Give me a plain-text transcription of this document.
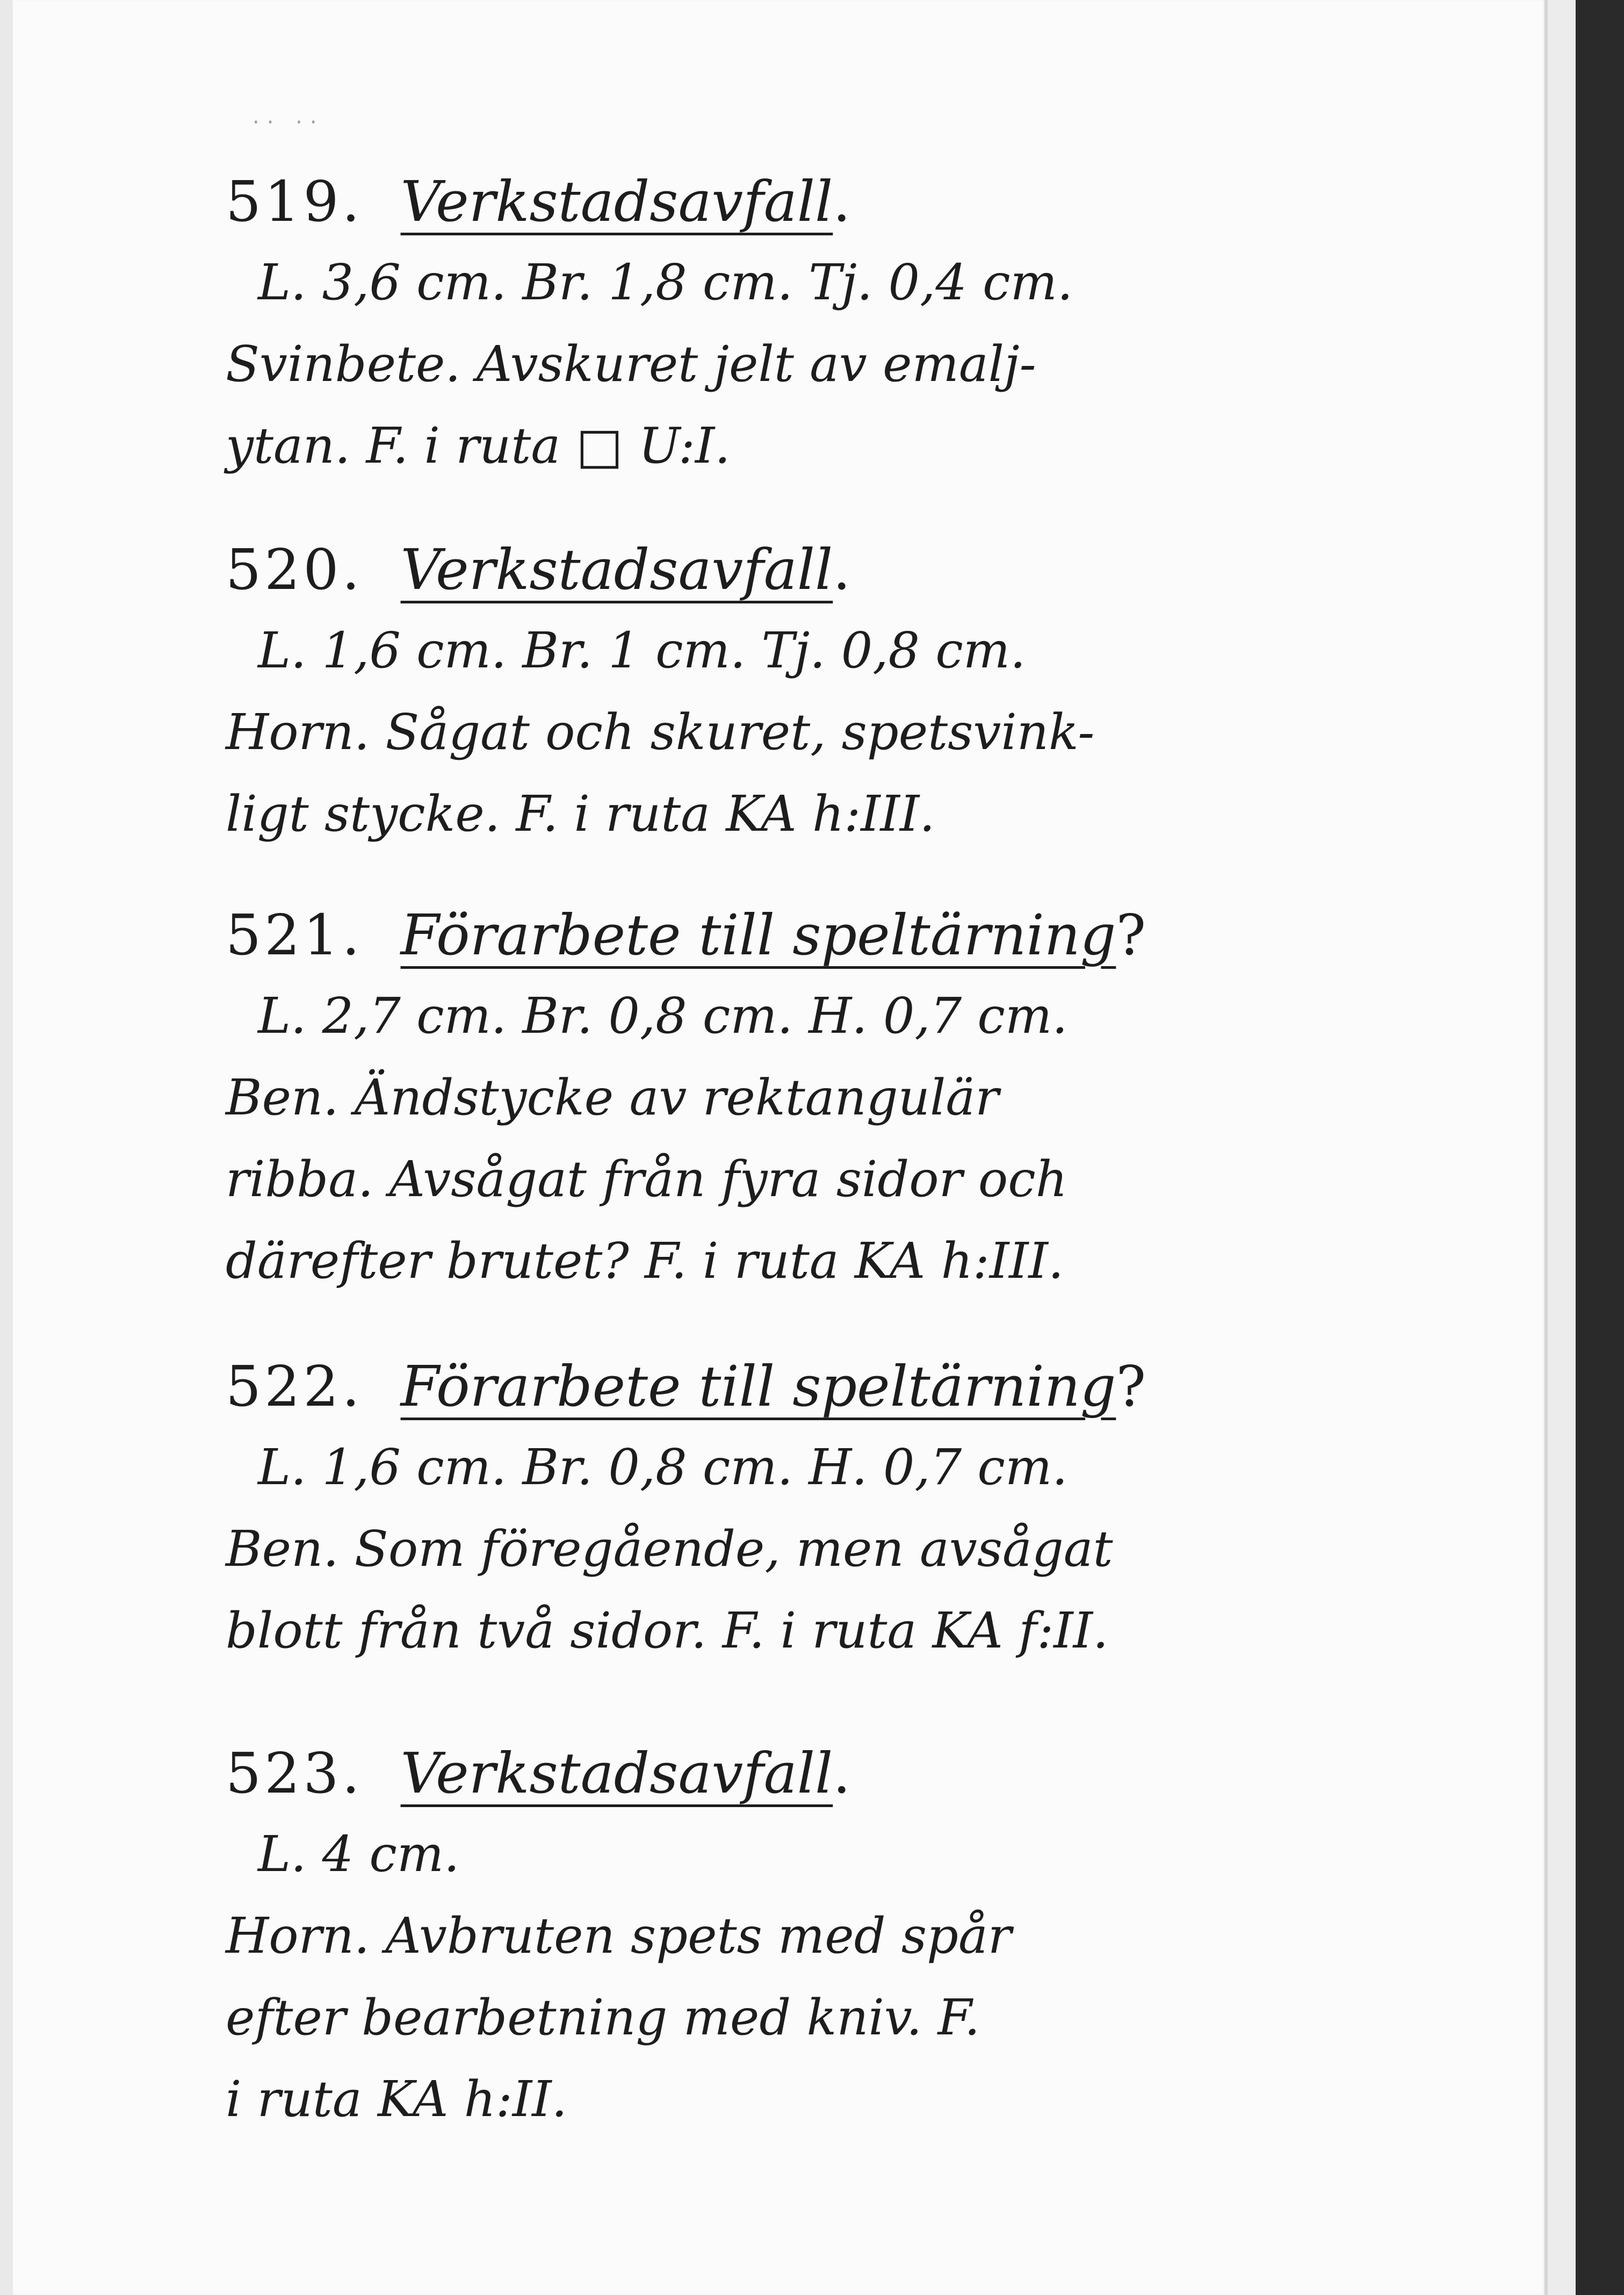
·· ··
519. Verkstadsavfall.
L. 3,6 cm. Br. 1,8 cm. Tj. 0,4 cm.
Svinbete. Avskuret jelt av emalj-
ytan. F. i ruta □ U:I.
520. Verkstadsavfall.
L. 1,6 cm. Br. 1 cm. Tj. 0,8 cm.
Horn. Sågat och skuret, spetsvink-
ligt stycke. F. i ruta KA h:III.
521. Förarbete till speltärning?
L. 2,7 cm. Br. 0,8 cm. H. 0,7 cm.
Ben. Ändstycke av rektangulär
ribba. Avsågat från fyra sidor och
därefter brutet? F. i ruta KA h:III.
522. Förarbete till speltärning?
L. 1,6 cm. Br. 0,8 cm. H. 0,7 cm.
Ben. Som föregående, men avsågat
blott från två sidor. F. i ruta KA f:II.
523. Verkstadsavfall.
L. 4 cm.
Horn. Avbruten spets med spår
efter bearbetning med kniv. F.
i ruta KA h:II.
